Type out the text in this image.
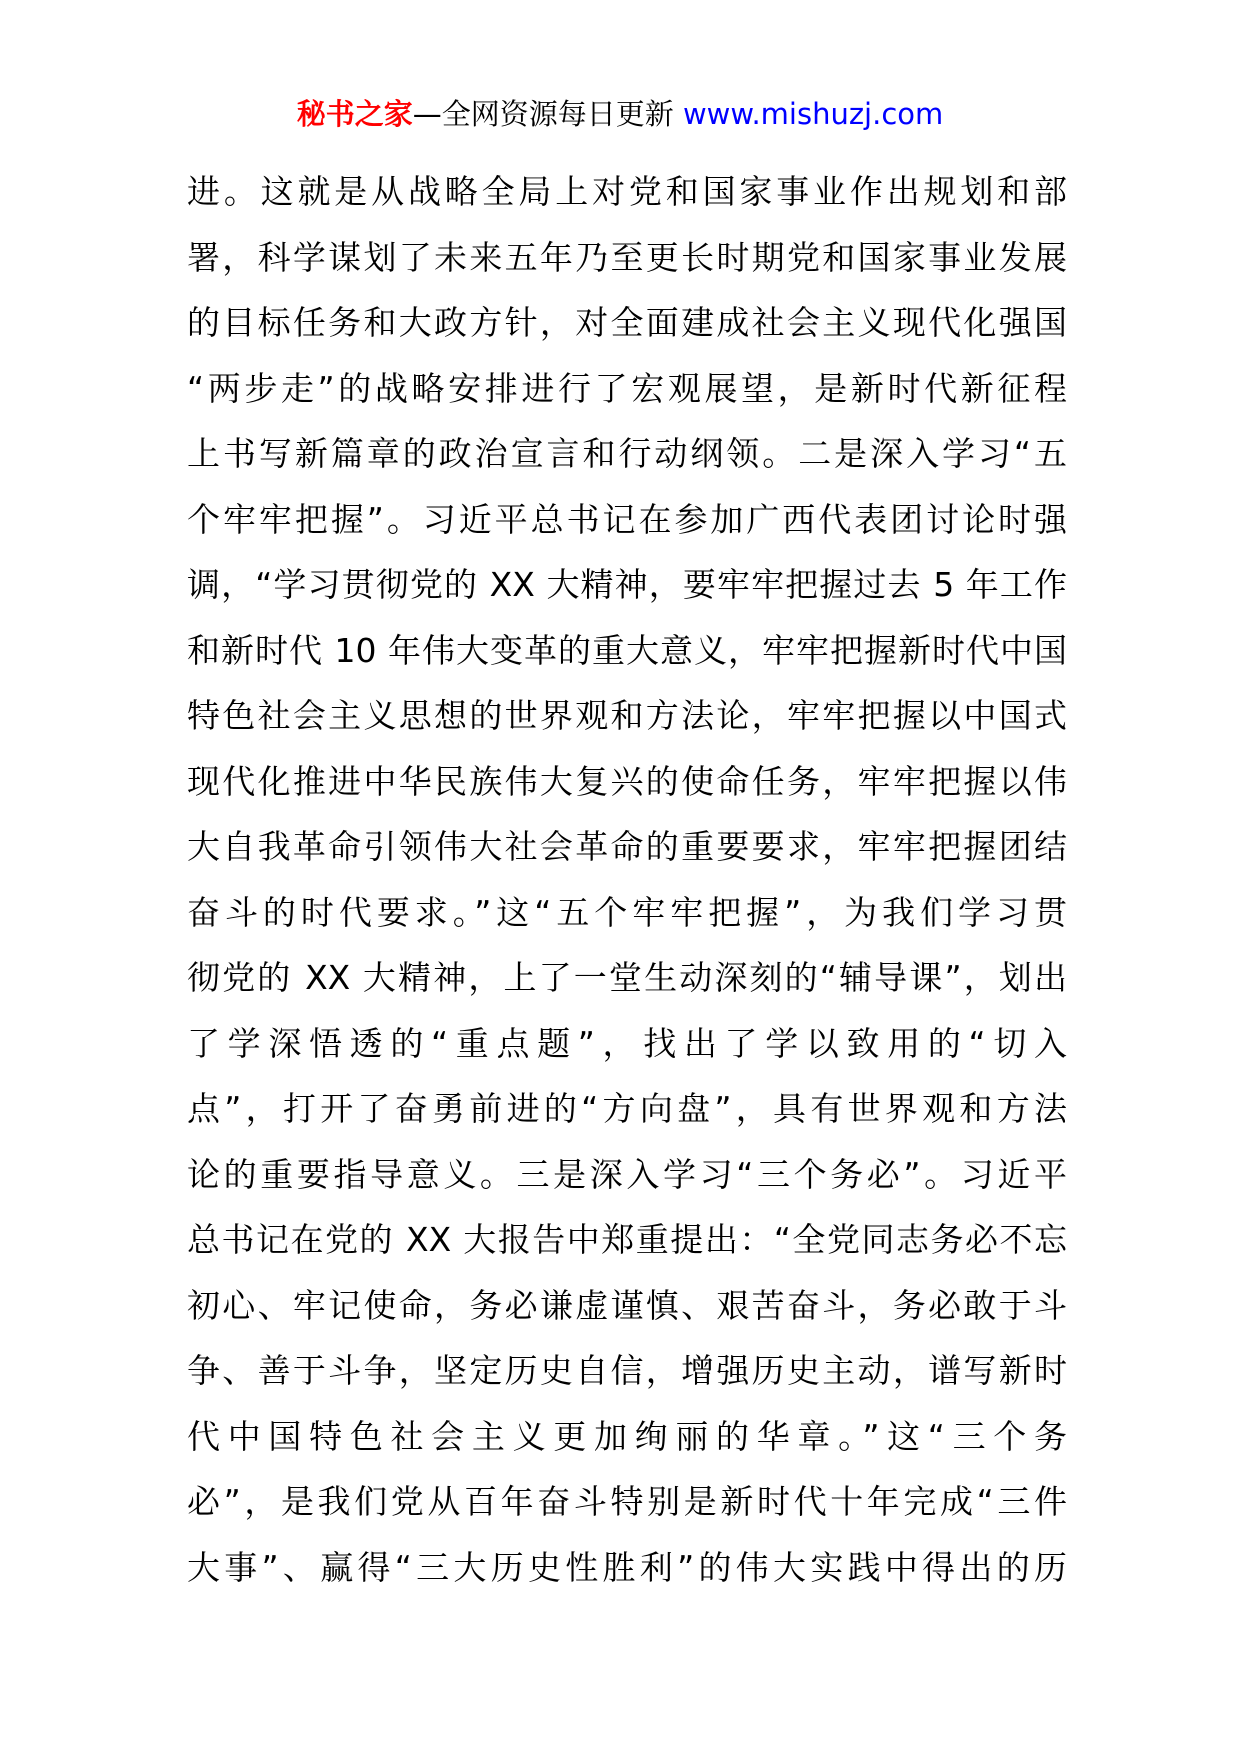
秘书之家—全网资源每日更新 www.mishuzj.com
进。这就是从战略全局上对党和国家事业作出规划和部
署，科学谋划了未来五年乃至更长时期党和国家事业发展
的目标任务和大政方针，对全面建成社会主义现代化强国
“两步走”的战略安排进行了宏观展望，是新时代新征程
上书写新篇章的政治宣言和行动纲领。二是深入学习“五
个牢牢把握”。习近平总书记在参加广西代表团讨论时强
调，“学习贯彻党的 XX 大精神，要牢牢把握过去 5 年工作
和新时代 10 年伟大变革的重大意义，牢牢把握新时代中国
特色社会主义思想的世界观和方法论，牢牢把握以中国式
现代化推进中华民族伟大复兴的使命任务，牢牢把握以伟
大自我革命引领伟大社会革命的重要要求，牢牢把握团结
奋斗的时代要求。”这“五个牢牢把握”，为我们学习贯
彻党的 XX 大精神，上了一堂生动深刻的“辅导课”，划出
了学深悟透的“重点题”，找出了学以致用的“切入
点”，打开了奋勇前进的“方向盘”，具有世界观和方法
论的重要指导意义。三是深入学习“三个务必”。习近平
总书记在党的 XX 大报告中郑重提出：“全党同志务必不忘
初心、牢记使命，务必谦虚谨慎、艰苦奋斗，务必敢于斗
争、善于斗争，坚定历史自信，增强历史主动，谱写新时
代中国特色社会主义更加绚丽的华章。”这“三个务
必”，是我们党从百年奋斗特别是新时代十年完成“三件
大事”、赢得“三大历史性胜利”的伟大实践中得出的历
